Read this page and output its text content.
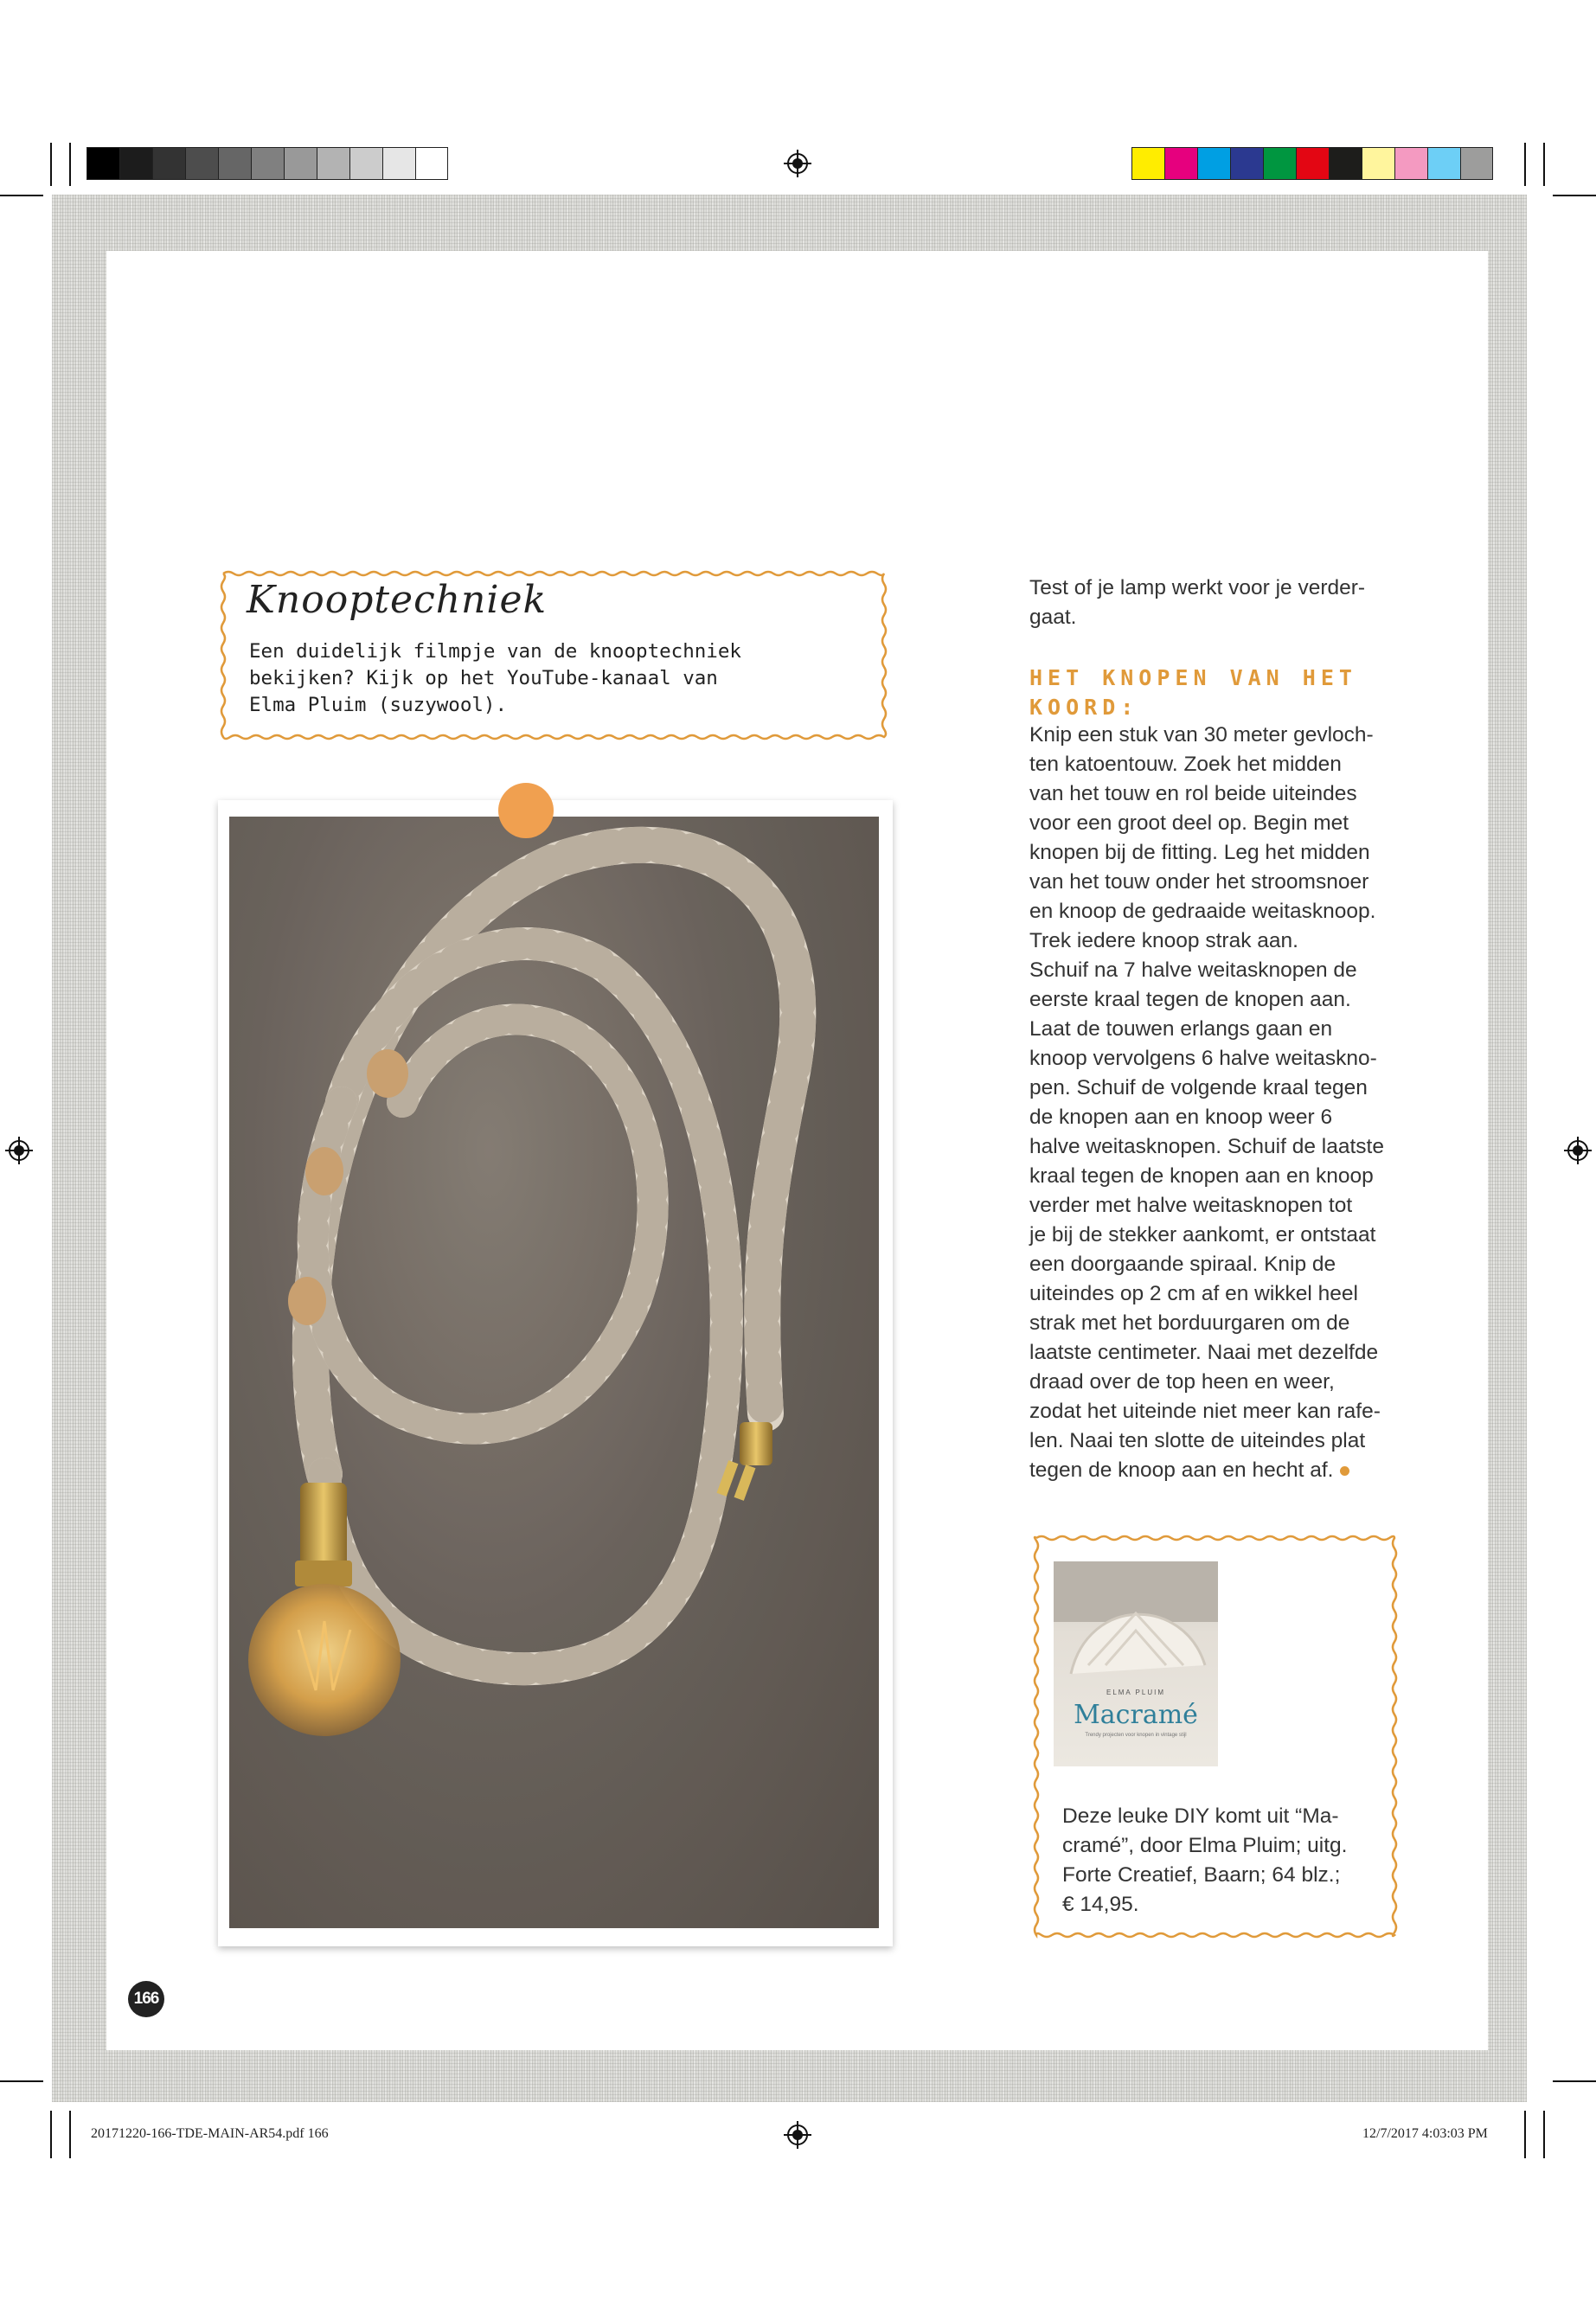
Knooptechniek

Een duidelijk filmpje van de knooptechniek
bekijken? Kijk op het YouTube-kanaal van
Elma Pluim (suzywool).

Test of je lamp werkt voor je verder-
gaat.

HET KNOPEN VAN HET
KOORD:

Knip een stuk van 30 meter gevloch-
ten katoentouw. Zoek het midden
van het touw en rol beide uiteindes
voor een groot deel op. Begin met
knopen bij de fitting. Leg het midden
van het touw onder het stroomsnoer
en knoop de gedraaide weitasknoop.
Trek iedere knoop strak aan.
Schuif na 7 halve weitasknopen de
eerste kraal tegen de knopen aan.
Laat de touwen erlangs gaan en
knoop vervolgens 6 halve weitaskno-
pen. Schuif de volgende kraal tegen
de knopen aan en knoop weer 6
halve weitasknopen. Schuif de laatste
kraal tegen de knopen aan en knoop
verder met halve weitasknopen tot
je bij de stekker aankomt, er ontstaat
een doorgaande spiraal. Knip de
uiteindes op 2 cm af en wikkel heel
strak met het borduurgaren om de
laatste centimeter. Naai met dezelfde
draad over de top heen en weer,
zodat het uiteinde niet meer kan rafe-
len. Naai ten slotte de uiteindes plat
tegen de knoop aan en hecht af.

ELMA PLUIM
Macramé
Trendy projecten voor knopen in vintage stijl

Deze leuke DIY komt uit “Ma-
cramé”, door Elma Pluim; uitg.
Forte Creatief, Baarn; 64 blz.;
€ 14,95.

166
20171220-166-TDE-MAIN-AR54.pdf 166	12/7/2017 4:03:03 PM
